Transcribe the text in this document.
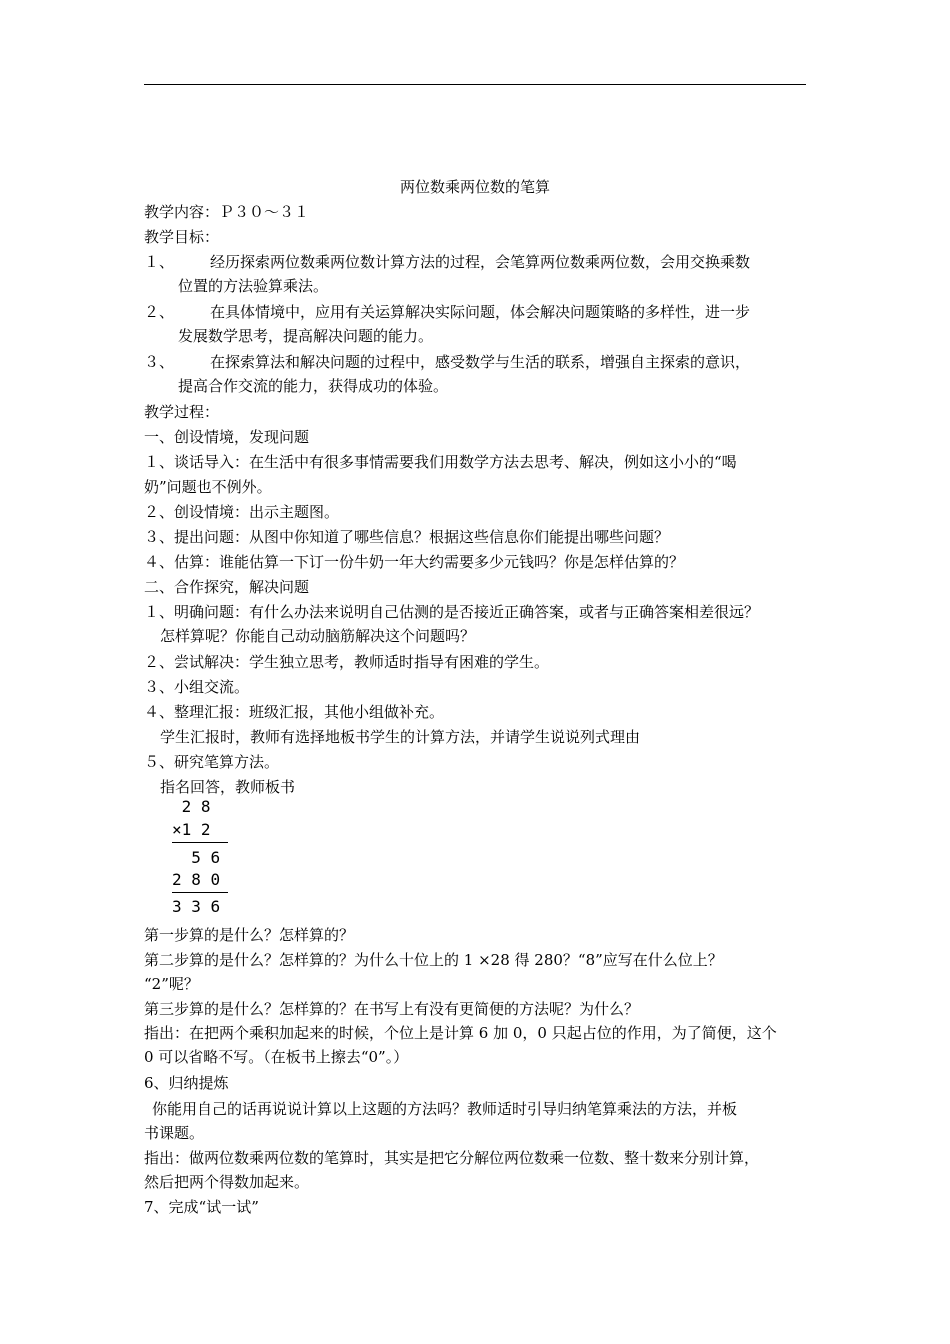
两位数乘两位数的笔算
教学内容：Ｐ３０～３１
教学目标：
１、 经历探索两位数乘两位数计算方法的过程，会笔算两位数乘两位数，会用交换乘数
位置的方法验算乘法。
２、 在具体情境中，应用有关运算解决实际问题，体会解决问题策略的多样性，进一步
发展数学思考，提高解决问题的能力。
３、 在探索算法和解决问题的过程中，感受数学与生活的联系，增强自主探索的意识，
提高合作交流的能力，获得成功的体验。
教学过程：
一、创设情境，发现问题
１、谈话导入：在生活中有很多事情需要我们用数学方法去思考、解决，例如这小小的“喝
奶”问题也不例外。
２、创设情境：出示主题图。
３、提出问题：从图中你知道了哪些信息？根据这些信息你们能提出哪些问题？
４、估算：谁能估算一下订一份牛奶一年大约需要多少元钱吗？你是怎样估算的？
二、合作探究，解决问题
１、明确问题：有什么办法来说明自己估测的是否接近正确答案，或者与正确答案相差很远？
怎样算呢？你能自己动动脑筋解决这个问题吗？
２、尝试解决：学生独立思考，教师适时指导有困难的学生。
３、小组交流。
４、整理汇报：班级汇报，其他小组做补充。
学生汇报时，教师有选择地板书学生的计算方法，并请学生说说列式理由
５、研究笔算方法。
指名回答，教师板书
2 8
×1 2
5 6
2 8 0
3 3 6
第一步算的是什么？怎样算的？
第二步算的是什么？怎样算的？为什么十位上的 1 ×28 得 280？“8”应写在什么位上？
“2”呢？
第三步算的是什么？怎样算的？在书写上有没有更简便的方法呢？为什么？
指出：在把两个乘积加起来的时候，个位上是计算 6 加 0，0 只起占位的作用，为了简便，这个
0 可以省略不写。（在板书上擦去“0”。）
6、归纳提炼
你能用自己的话再说说计算以上这题的方法吗？教师适时引导归纳笔算乘法的方法，并板
书课题。
指出：做两位数乘两位数的笔算时，其实是把它分解位两位数乘一位数、整十数来分别计算，
然后把两个得数加起来。
7、完成“试一试”
